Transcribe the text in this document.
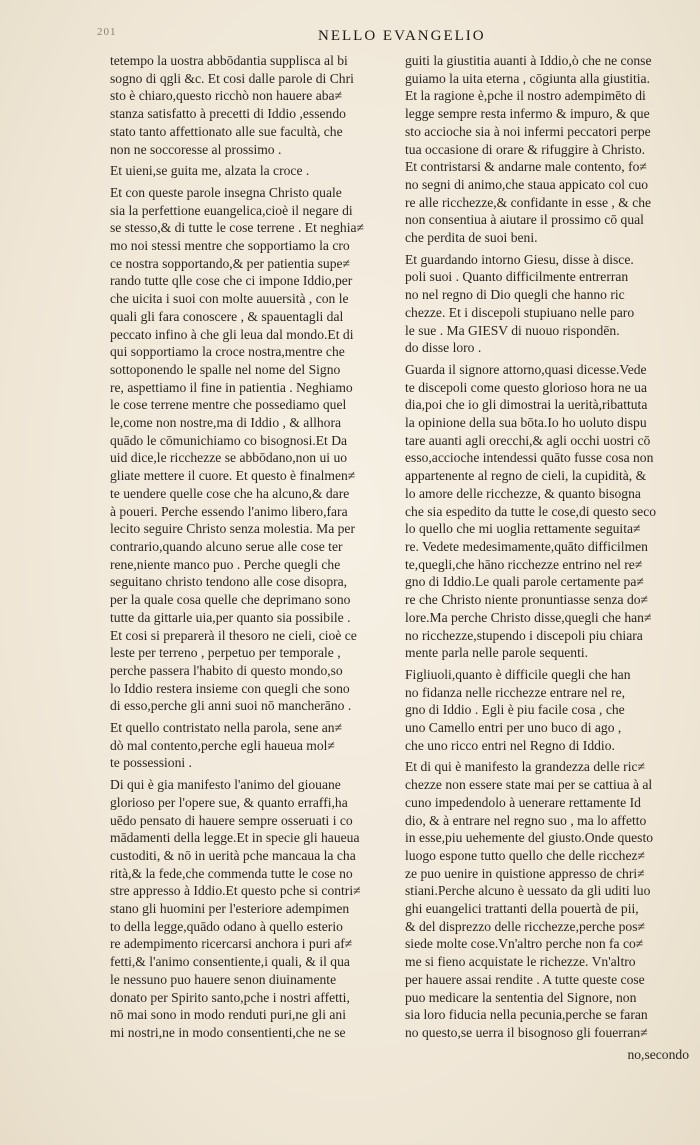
201	NELLO EVANGELIO
tetempo la uostra abbōdantia supplisca al bi
sogno di qgli &c. Et cosi dalle parole di Chri
sto è chiaro,questo ricchò non hauere aba≠
stanza satisfatto à precetti di Iddio ,essendo
stato tanto affettionato alle sue facultà, che
non ne soccoresse al prossimo .
Et uieni,se guita me, alzata la croce .
Et con queste parole insegna Christo quale
sia la perfettione euangelica,cioè il negare di
se stesso,& di tutte le cose terrene . Et neghia≠
mo noi stessi mentre che sopportiamo la cro
ce nostra sopportando,& per patientia supe≠
rando tutte qlle cose che ci impone Iddio,per
che uicita i suoi con molte auuersità , con le
quali gli fara conoscere , & spauentagli dal
peccato infino à che gli leua dal mondo.Et di
qui sopportiamo la croce nostra,mentre che
sottoponendo le spalle nel nome del Signo
re, aspettiamo il fine in patientia . Neghiamo
le cose terrene mentre che possediamo quel
le,come non nostre,ma di Iddio , & allhora
quādo le cōmunichiamo co bisognosi.Et Da
uid dice,le ricchezze se abbōdano,non ui uo
gliate mettere il cuore. Et questo è finalmen≠
te uendere quelle cose che ha alcuno,& dare
à poueri. Perche essendo l'animo libero,fara
lecito seguire Christo senza molestia. Ma per
contrario,quando alcuno serue alle cose ter
rene,niente manco puo . Perche quegli che
seguitano christo tendono alle cose disopra,
per la quale cosa quelle che deprimano sono
tutte da gittarle uia,per quanto sia possibile .
Et cosi si preparerà il thesoro ne cieli, cioè ce
leste per terreno , perpetuo per temporale ,
perche passera l'habito di questo mondo,so
lo Iddio restera insieme con quegli che sono
di esso,perche gli anni suoi nō mancherāno .
Et quello contristato nella parola, sene an≠
dò mal contento,perche egli haueua mol≠
te possessioni .
Di qui è gia manifesto l'animo del giouane
glorioso per l'opere sue, & quanto erraffi,ha
uēdo pensato di hauere sempre osseruati i co
mādamenti della legge.Et in specie gli haueua
custoditi, & nō in uerità pche mancaua la cha
rità,& la fede,che commenda tutte le cose no
stre appresso à Iddio.Et questo pche si contri≠
stano gli huomini per l'esteriore adempimen
to della legge,quādo odano à quello esterio
re adempimento ricercarsi anchora i puri af≠
fetti,& l'animo consentiente,i quali, & il qua
le nessuno puo hauere senon diuinamente
donato per Spirito santo,pche i nostri affetti,
nō mai sono in modo renduti puri,ne gli ani
mi nostri,ne in modo consentienti,che ne se
guiti la giustitia auanti à Iddio,ò che ne conse
guiamo la uita eterna , cōgiunta alla giustitia.
Et la ragione è,pche il nostro adempimēto di
legge sempre resta infermo & impuro, & que
sto accioche sia à noi infermi peccatori perpe
tua occasione di orare & rifuggire à Christo.
Et contristarsi & andarne male contento, fo≠
no segni di animo,che staua appicato col cuo
re alle ricchezze,& confidante in esse , & che
non consentiua à aiutare il prossimo cō qual
che perdita de suoi beni.
Et guardando intorno Giesu, disse à disce.
poli suoi . Quanto difficilmente entrerran
no nel regno di Dio quegli che hanno ric
chezze. Et i discepoli stupiuano nelle paro
le sue . Ma GIESV di nuouo rispondēn.
do disse loro .
Guarda il signore attorno,quasi dicesse.Vede
te discepoli come questo glorioso hora ne ua
dia,poi che io gli dimostrai la uerità,ribattuta
la opinione della sua bōta.Io ho uoluto dispu
tare auanti agli orecchi,& agli occhi uostri cō
esso,accioche intendessi quāto fusse cosa non
appartenente al regno de cieli, la cupidità, &
lo amore delle ricchezze, & quanto bisogna
che sia espedito da tutte le cose,di questo seco
lo quello che mi uoglia rettamente seguita≠
re. Vedete medesimamente,quāto difficilmen
te,quegli,che hāno ricchezze entrino nel re≠
gno di Iddio.Le quali parole certamente pa≠
re che Christo niente pronuntiasse senza do≠
lore.Ma perche Christo disse,quegli che han≠
no ricchezze,stupendo i discepoli piu chiara
mente parla nelle parole sequenti.
Figliuoli,quanto è difficile quegli che han
no fidanza nelle ricchezze entrare nel re,
gno di Iddio . Egli è piu facile cosa , che
uno Camello entri per uno buco di ago ,
che uno ricco entri nel Regno di Iddio.
Et di qui è manifesto la grandezza delle ric≠
chezze non essere state mai per se cattiua à al
cuno impedendolo à uenerare rettamente Id
dio, & à entrare nel regno suo , ma lo affetto
in esse,piu uehemente del giusto.Onde questo
luogo espone tutto quello che delle ricchez≠
ze puo uenire in quistione appresso de chri≠
stiani.Perche alcuno è uessato da gli uditi luo
ghi euangelici trattanti della pouertà de pii,
& del disprezzo delle ricchezze,perche pos≠
siede molte cose.Vn'altro perche non fa co≠
me si fieno acquistate le richezze. Vn'altro
per hauere assai rendite . A tutte queste cose
puo medicare la sententia del Signore, non
sia loro fiducia nella pecunia,perche se faran
no questo,se uerra il bisognoso gli fouerran≠
no,secondo
